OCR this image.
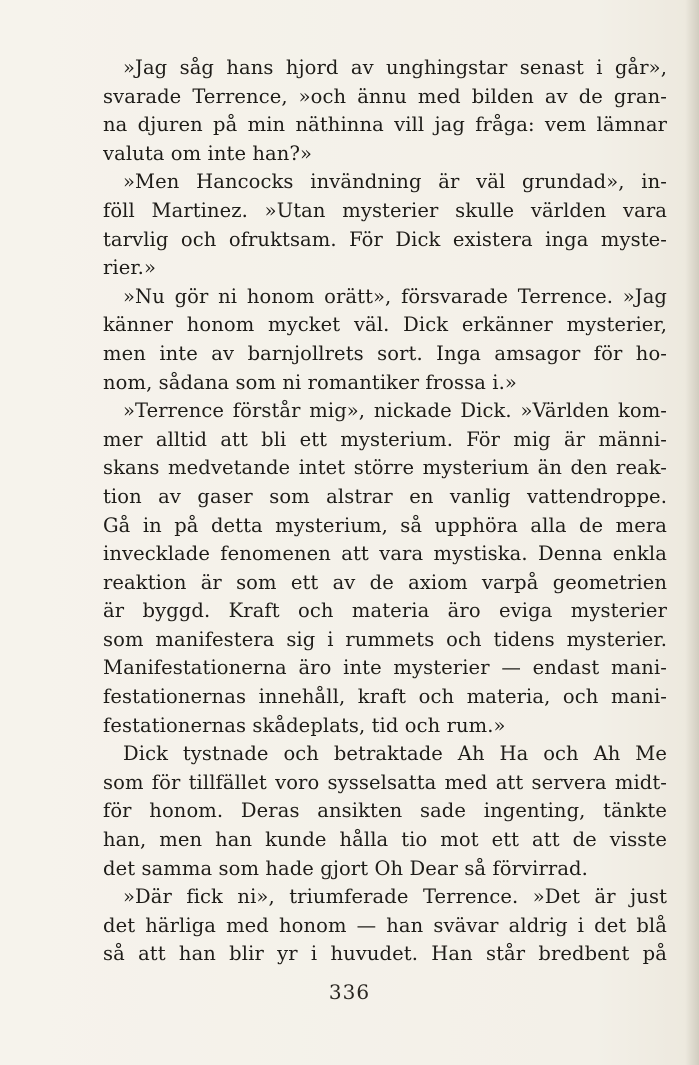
»Jag såg hans hjord av unghingstar senast i går»,
svarade Terrence, »och ännu med bilden av de gran-
na djuren på min näthinna vill jag fråga: vem lämnar
valuta om inte han?»
»Men Hancocks invändning är väl grundad», in-
föll Martinez. »Utan mysterier skulle världen vara
tarvlig och ofruktsam. För Dick existera inga myste-
rier.»
»Nu gör ni honom orätt», försvarade Terrence. »Jag
känner honom mycket väl. Dick erkänner mysterier,
men inte av barnjollrets sort. Inga amsagor för ho-
nom, sådana som ni romantiker frossa i.»
»Terrence förstår mig», nickade Dick. »Världen kom-
mer alltid att bli ett mysterium. För mig är männi-
skans medvetande intet större mysterium än den reak-
tion av gaser som alstrar en vanlig vattendroppe.
Gå in på detta mysterium, så upphöra alla de mera
invecklade fenomenen att vara mystiska. Denna enkla
reaktion är som ett av de axiom varpå geometrien
är byggd. Kraft och materia äro eviga mysterier
som manifestera sig i rummets och tidens mysterier.
Manifestationerna äro inte mysterier — endast mani-
festationernas innehåll, kraft och materia, och mani-
festationernas skådeplats, tid och rum.»
Dick tystnade och betraktade Ah Ha och Ah Me
som för tillfället voro sysselsatta med att servera midt-
för honom. Deras ansikten sade ingenting, tänkte
han, men han kunde hålla tio mot ett att de visste
det samma som hade gjort Oh Dear så förvirrad.
»Där fick ni», triumferade Terrence. »Det är just
det härliga med honom — han svävar aldrig i det blå
så att han blir yr i huvudet. Han står bredbent på
336
